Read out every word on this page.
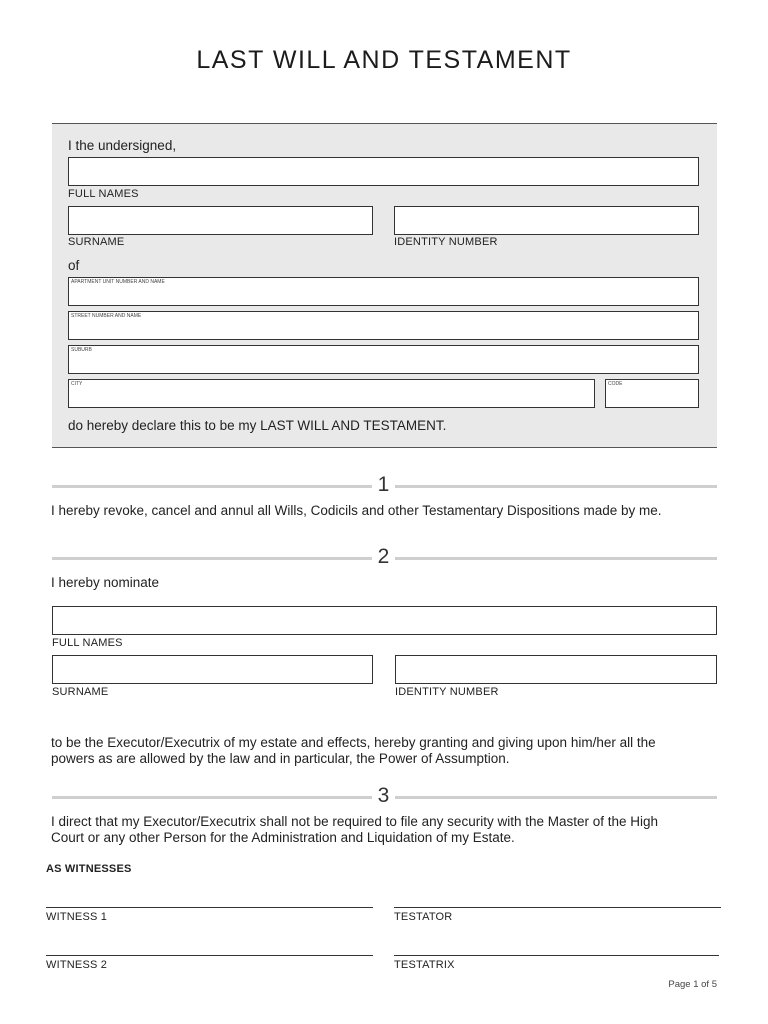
LAST WILL AND TESTAMENT
I the undersigned,
FULL NAMES
SURNAME	IDENTITY NUMBER
of
APARTMENT UNIT NUMBER AND NAME
STREET NUMBER AND NAME
SUBURB
CITY	CODE
do hereby declare this to be my LAST WILL AND TESTAMENT.
1
I hereby revoke, cancel and annul all Wills, Codicils and other Testamentary Dispositions made by me.
2
I hereby nominate
FULL NAMES
SURNAME	IDENTITY NUMBER
to be the Executor/Executrix of my estate and effects, hereby granting and giving upon him/her all the
powers as are allowed by the law and in particular, the Power of Assumption.
3
I direct that my Executor/Executrix shall not be required to file any security with the Master of the High
Court or any other Person for the Administration and Liquidation of my Estate.
AS WITNESSES
WITNESS 1	TESTATOR
WITNESS 2	TESTATRIX
Page 1 of 5
